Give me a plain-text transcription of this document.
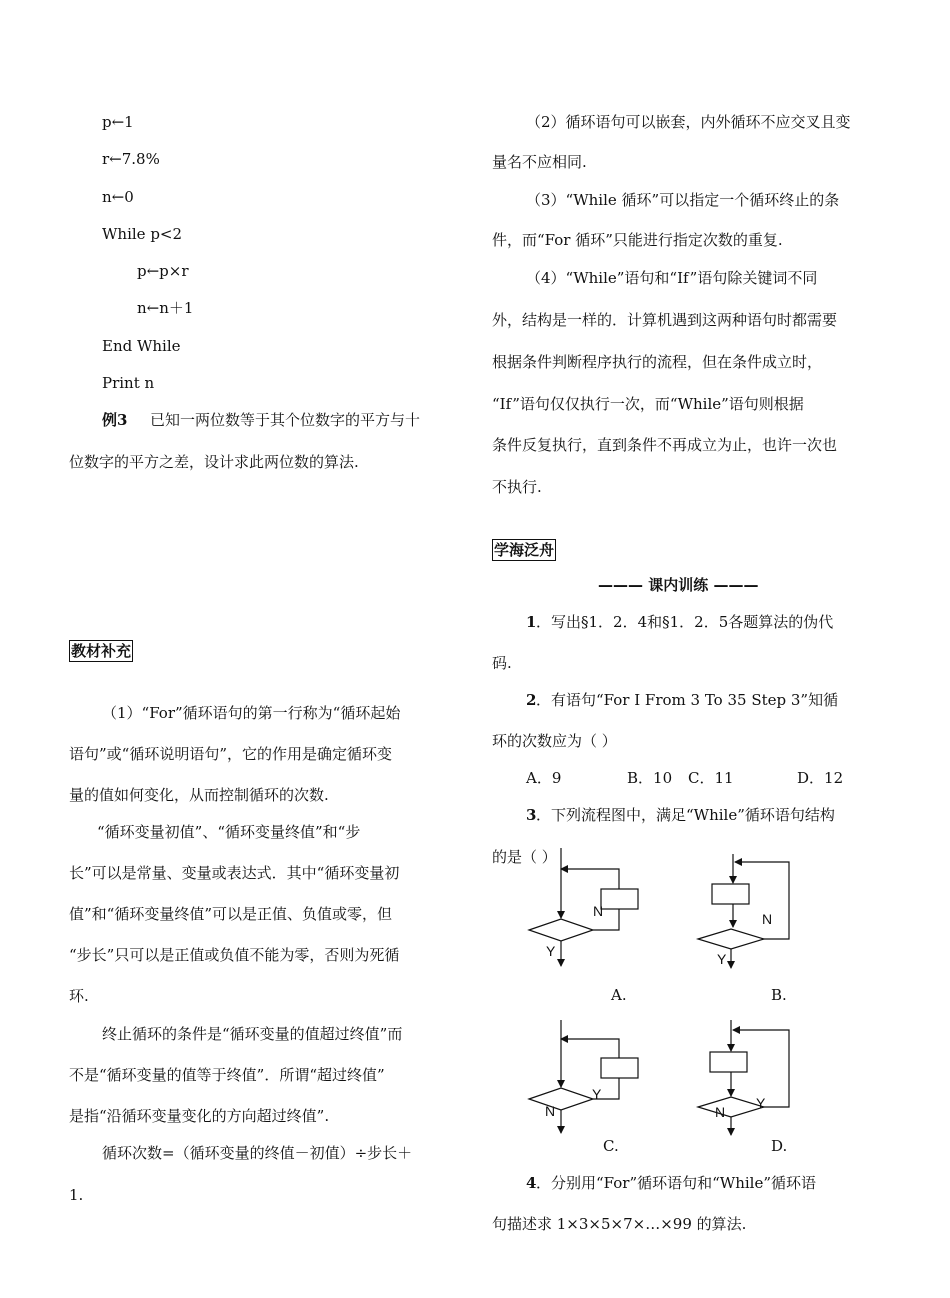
p←1
r←7.8%
n←0
While p<2
p←p×r
n←n＋1
End While
Print n
例3 已知一两位数等于其个位数字的平方与十
位数字的平方之差，设计求此两位数的算法.
教材补充
（1）“For”循环语句的第一行称为“循环起始
语句”或“循环说明语句”，它的作用是确定循环变
量的值如何变化，从而控制循环的次数.
“循环变量初值”、“循环变量终值”和“步
长”可以是常量、变量或表达式．其中“循环变量初
值”和“循环变量终值”可以是正值、负值或零，但
“步长”只可以是正值或负值不能为零，否则为死循
环.
终止循环的条件是“循环变量的值超过终值”而
不是“循环变量的值等于终值”．所谓“超过终值”
是指“沿循环变量变化的方向超过终值”.
循环次数=（循环变量的终值－初值）÷步长＋
1.
（2）循环语句可以嵌套，内外循环不应交叉且变
量名不应相同.
（3）“While 循环”可以指定一个循环终止的条
件，而“For 循环”只能进行指定次数的重复.
（4）“While”语句和“If”语句除关键词不同
外，结构是一样的．计算机遇到这两种语句时都需要
根据条件判断程序执行的流程，但在条件成立时，
“If”语句仅仅执行一次，而“While”语句则根据
条件反复执行，直到条件不再成立为止，也许一次也
不执行.
学海泛舟
——— 课内训练 ———
1 ．写出§1．2．4和§1．2．5各题算法的伪代
码.
2 ．有语句“For I From 3 To 35 Step 3”知循
环的次数应为（ ）
A．9	B．10 C．11	D．12
3 ．下列流程图中，满足“While”循环语句结构
的是（ ）
N
Y
N
Y
Y
N	Y
N
A.	B.
C.	D.
4 ．分别用“For”循环语句和“While”循环语
句描述求 1×3×5×7×…×99 的算法.
